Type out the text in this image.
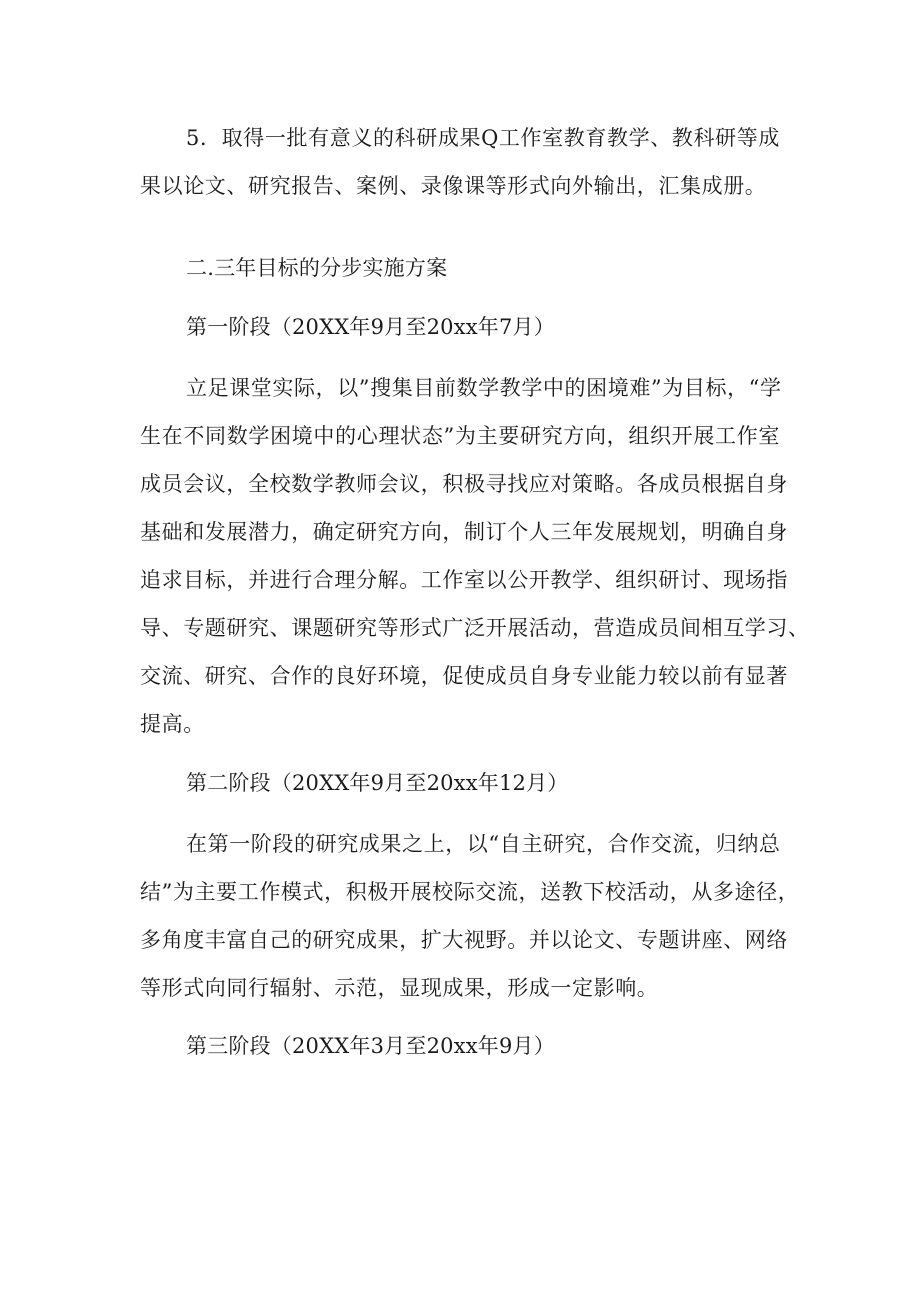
5．取得一批有意义的科研成果Q工作室教育教学、教科研等成
果以论文、研究报告、案例、录像课等形式向外输出，汇集成册。
二.三年目标的分步实施方案
第一阶段（20XX年9月至20xx年7月）
立足课堂实际，以”搜集目前数学教学中的困境难”为目标，“学
生在不同数学困境中的心理状态”为主要研究方向，组织开展工作室
成员会议，全校数学教师会议，积极寻找应对策略。各成员根据自身
基础和发展潜力，确定研究方向，制订个人三年发展规划，明确自身
追求目标，并进行合理分解。工作室以公开教学、组织研讨、现场指
导、专题研究、课题研究等形式广泛开展活动，营造成员间相互学习、
交流、研究、合作的良好环境，促使成员自身专业能力较以前有显著
提高。
第二阶段（20XX年9月至20xx年12月）
在第一阶段的研究成果之上，以“自主研究，合作交流，归纳总
结”为主要工作模式，积极开展校际交流，送教下校活动，从多途径，
多角度丰富自己的研究成果，扩大视野。并以论文、专题讲座、网络
等形式向同行辐射、示范，显现成果，形成一定影响。
第三阶段（20XX年3月至20xx年9月）
